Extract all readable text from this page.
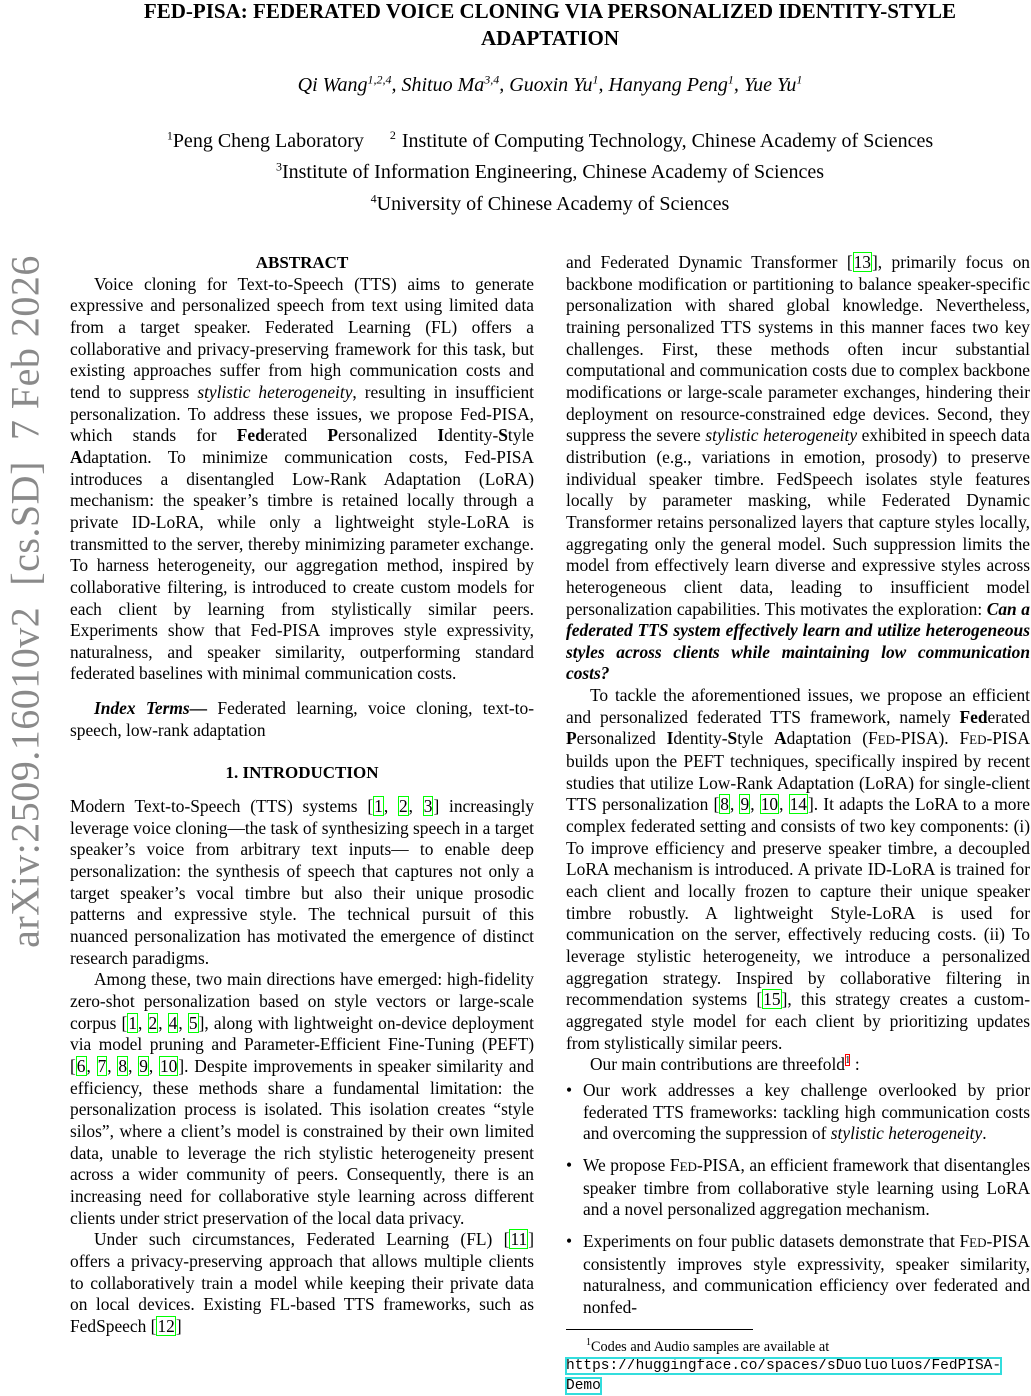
FED-PISA: FEDERATED VOICE CLONING VIA PERSONALIZED IDENTITY-STYLE ADAPTATION
Qi Wang$^{1,2,4}$, Shituo Ma$^{3,4}$, Guoxin Yu$^1$, Hanyang Peng$^1$, Yue Yu$^1$
$^1$Peng Cheng Laboratory $^2$ Institute of Computing Technology, Chinese Academy of Sciences
$^3$Institute of Information Engineering, Chinese Academy of Sciences
$^4$University of Chinese Academy of Sciences
arXiv:2509.16010v2  [cs.SD]  7 Feb 2026	ABSTRACT

Voice cloning for Text-to-Speech (TTS) aims to generate expressive and personalized speech from text using limited data from a target speaker. Federated Learning (FL) offers a collaborative and privacy-preserving framework for this task, but existing approaches suffer from high communication costs and tend to suppress stylistic heterogeneity, resulting in insufficient personalization. To address these issues, we propose Fed-PISA, which stands for Federated Personalized Identity-Style Adaptation. To minimize communication costs, Fed-PISA introduces a disentangled Low-Rank Adaptation (LoRA) mechanism: the speaker’s timbre is retained locally through a private ID-LoRA, while only a lightweight style-LoRA is transmitted to the server, thereby minimizing parameter exchange. To harness heterogeneity, our aggregation method, inspired by collaborative filtering, is introduced to create custom models for each client by learning from stylistically similar peers. Experiments show that Fed-PISA improves style expressivity, naturalness, and speaker similarity, outperforming standard federated baselines with minimal communication costs.

Index Terms— Federated learning, voice cloning, text-to-speech, low-rank adaptation

1. INTRODUCTION

Modern Text-to-Speech (TTS) systems [1, 2, 3] increasingly leverage voice cloning—the task of synthesizing speech in a target speaker’s voice from arbitrary text inputs— to enable deep personalization: the synthesis of speech that captures not only a target speaker’s vocal timbre but also their unique prosodic patterns and expressive style. The technical pursuit of this nuanced personalization has motivated the emergence of distinct research paradigms.

Among these, two main directions have emerged: high-fidelity zero-shot personalization based on style vectors or large-scale corpus [1, 2, 4, 5], along with lightweight on-device deployment via model pruning and Parameter-Efficient Fine-Tuning (PEFT) [6, 7, 8, 9, 10]. Despite improvements in speaker similarity and efficiency, these methods share a fundamental limitation: the personalization process is isolated. This isolation creates “style silos”, where a client’s model is constrained by their own limited data, unable to leverage the rich stylistic heterogeneity present across a wider community of peers. Consequently, there is an increasing need for collaborative style learning across different clients under strict preservation of the local data privacy.

Under such circumstances, Federated Learning (FL) [11] offers a privacy-preserving approach that allows multiple clients to collaboratively train a model while keeping their private data on local devices. Existing FL-based TTS frameworks, such as FedSpeech [12]

and Federated Dynamic Transformer [13], primarily focus on backbone modification or partitioning to balance speaker-specific personalization with shared global knowledge. Nevertheless, training personalized TTS systems in this manner faces two key challenges. First, these methods often incur substantial computational and communication costs due to complex backbone modifications or large-scale parameter exchanges, hindering their deployment on resource-constrained edge devices. Second, they suppress the severe stylistic heterogeneity exhibited in speech data distribution (e.g., variations in emotion, prosody) to preserve individual speaker timbre. FedSpeech isolates style features locally by parameter masking, while Federated Dynamic Transformer retains personalized layers that capture styles locally, aggregating only the general model. Such suppression limits the model from effectively learn diverse and expressive styles across heterogeneous client data, leading to insufficient model personalization capabilities. This motivates the exploration: Can a federated TTS system effectively learn and utilize heterogeneous styles across clients while maintaining low communication costs?

To tackle the aforementioned issues, we propose an efficient and personalized federated TTS framework, namely Federated Personalized Identity-Style Adaptation (FED-PISA). FED-PISA builds upon the PEFT techniques, specifically inspired by recent studies that utilize Low-Rank Adaptation (LoRA) for single-client TTS personalization [8, 9, 10, 14]. It adapts the LoRA to a more complex federated setting and consists of two key components: (i) To improve efficiency and preserve speaker timbre, a decoupled LoRA mechanism is introduced. A private ID-LoRA is trained for each client and locally frozen to capture their unique speaker timbre robustly. A lightweight Style-LoRA is used for communication on the server, effectively reducing costs. (ii) To leverage stylistic heterogeneity, we introduce a personalized aggregation strategy. Inspired by collaborative filtering in recommendation systems [15], this strategy creates a custom-aggregated style model for each client by prioritizing updates from stylistically similar peers.

Our main contributions are threefold$^1$ :

• Our work addresses a key challenge overlooked by prior federated TTS frameworks: tackling high communication costs and overcoming the suppression of stylistic heterogeneity.
• We propose FED-PISA, an efficient framework that disentangles speaker timbre from collaborative style learning using LoRA and a novel personalized aggregation mechanism.
• Experiments on four public datasets demonstrate that FED-PISA consistently improves style expressivity, speaker similarity, naturalness, and communication efficiency over federated and nonfed-
$^1$Codes and Audio samples are available at https://huggingface.co/spaces/sDuoluoluos/FedPISA-Demo
